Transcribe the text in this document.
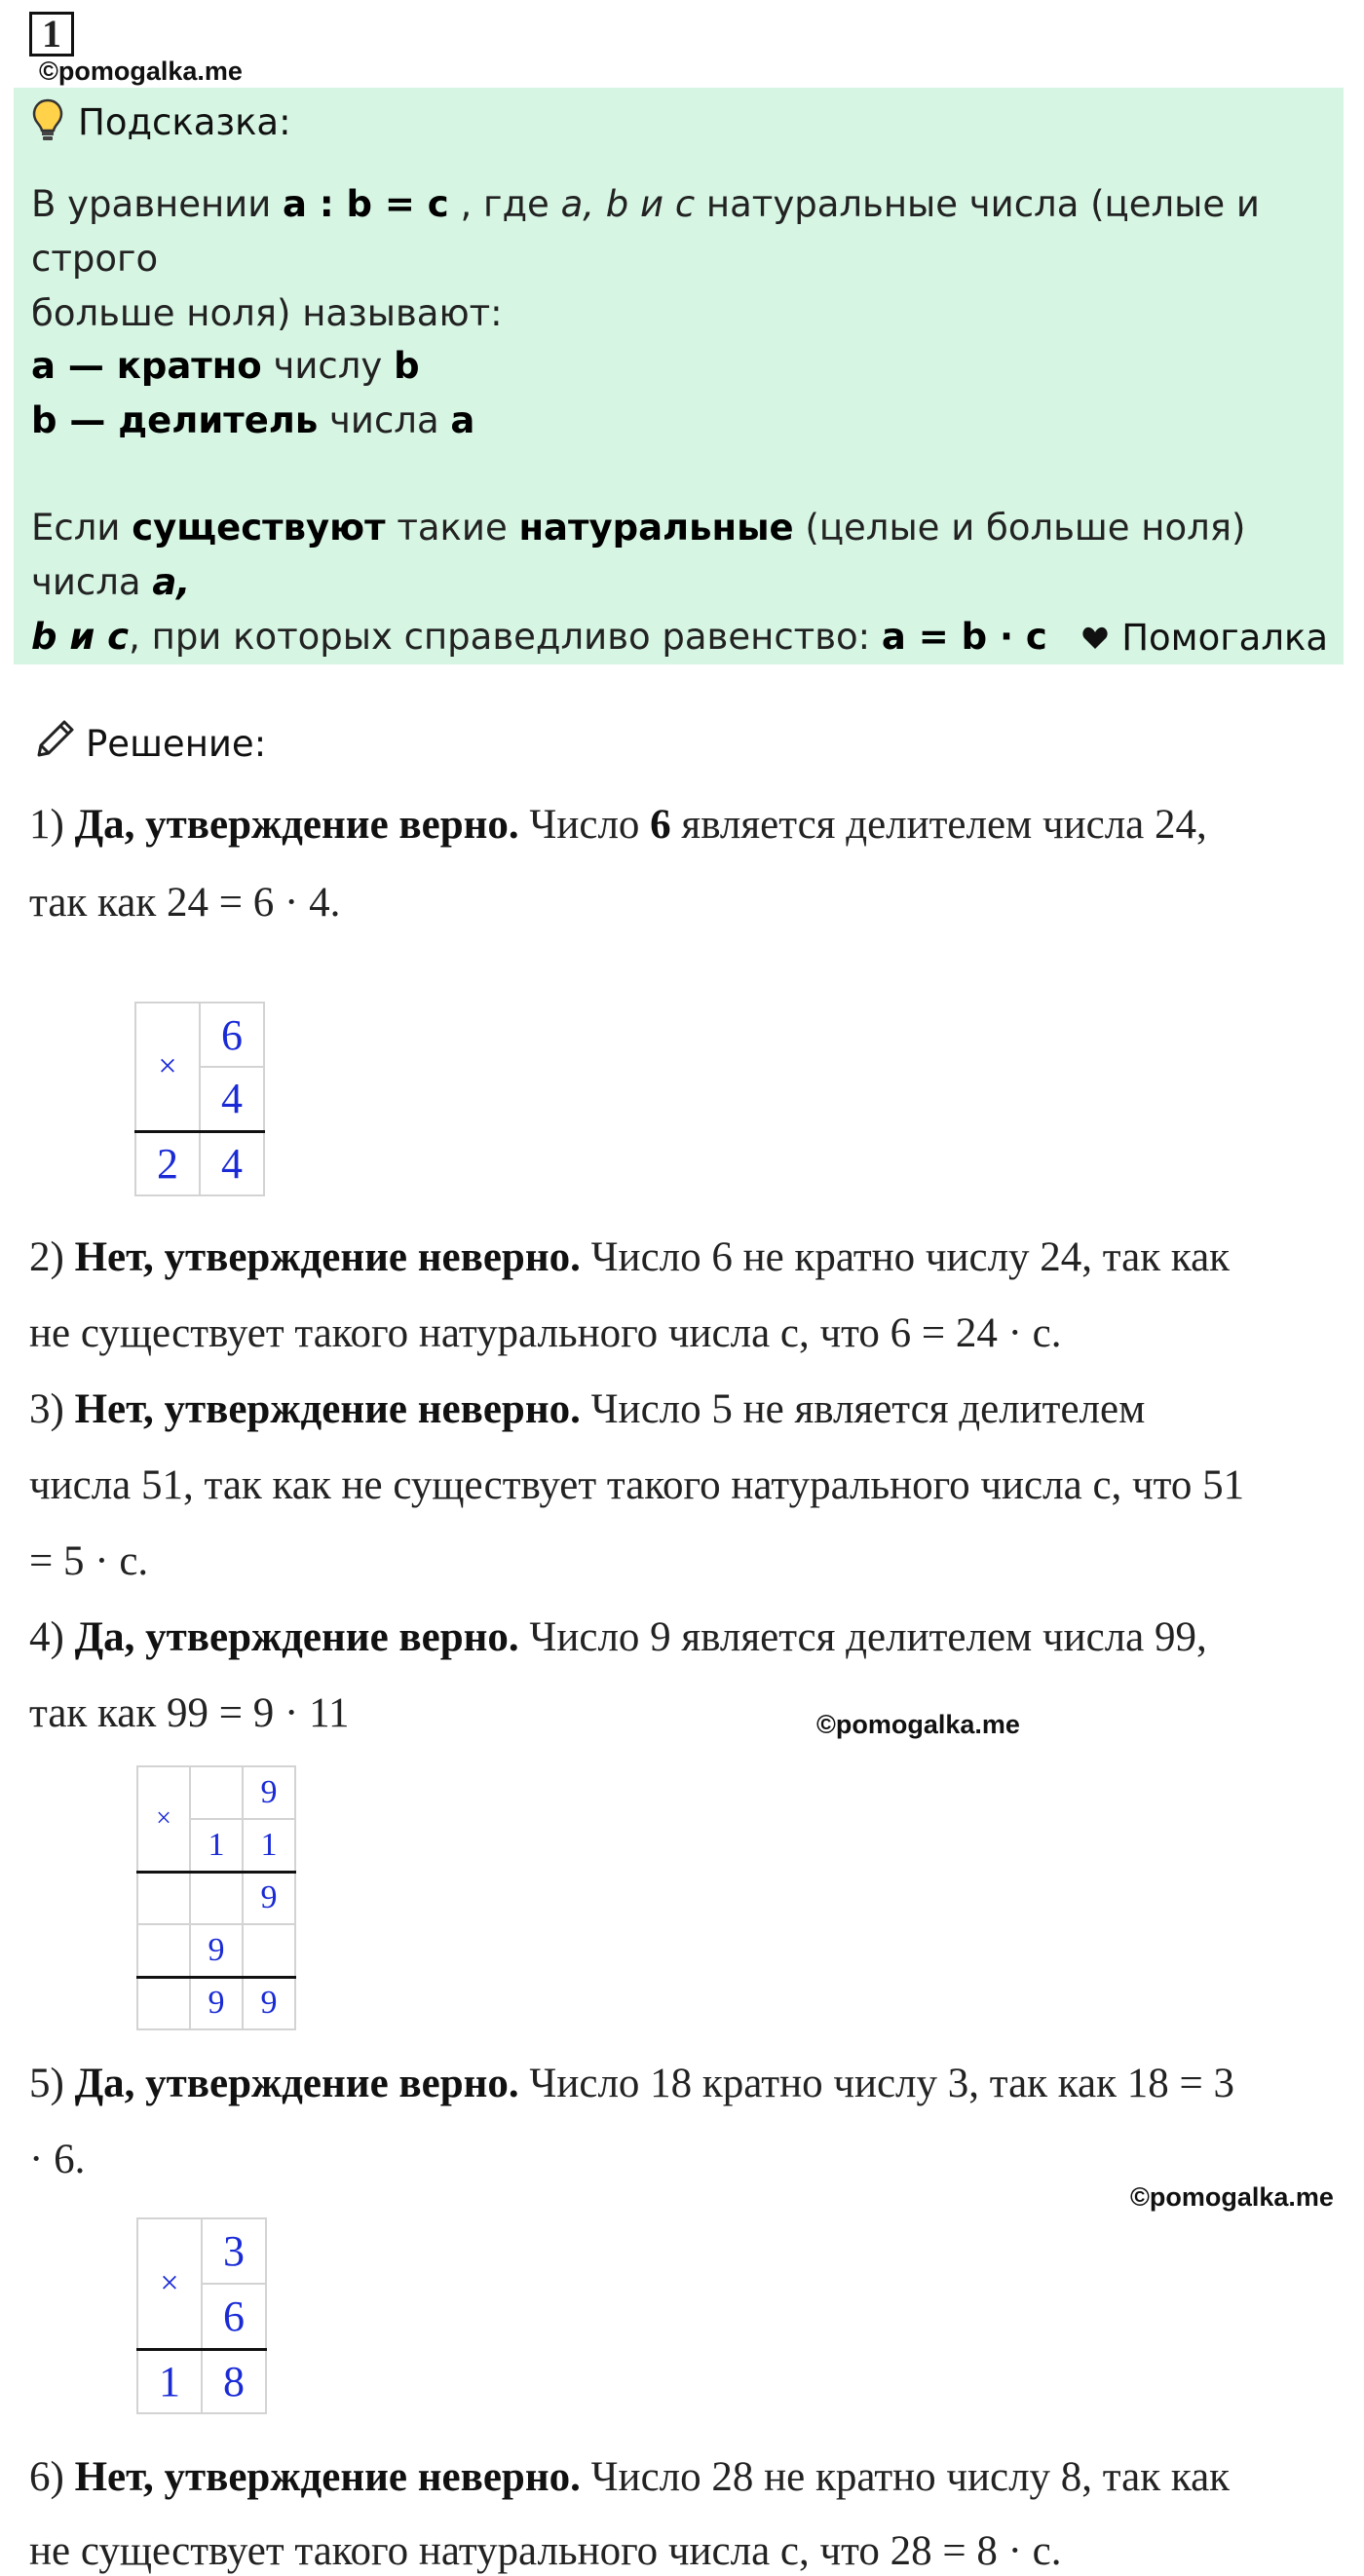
1
©pomogalka.me
Подсказка:

В уравнении a : b = c , где a, b и c натуральные числа (целые и строго
больше ноля) называют:

a — кратно числу b

b — делитель числа a

Если существуют такие натуральные (целые и больше ноля) числа a,
b и c, при которых справедливо равенство: a = b · c	Помогалка
Решение:
1) Да, утверждение верно. Число 6 является делителем числа 24,
так как 24 = 6 · 4.
×	6
	4
2	4
2) Нет, утверждение неверно. Число 6 не кратно числу 24, так как
не существует такого натурального числа с, что 6 = 24 · с.
3) Нет, утверждение неверно. Число 5 не является делителем
числа 51, так как не существует такого натурального числа с, что 51
= 5 · с.
4) Да, утверждение верно. Число 9 является делителем числа 99,
так как 99 = 9 · 11	©pomogalka.me
×		9
	1	1
		9
	9	
	9	9
5) Да, утверждение верно. Число 18 кратно числу 3, так как 18 = 3
· 6.
©pomogalka.me
×	3
	6
1	8
6) Нет, утверждение неверно. Число 28 не кратно числу 8, так как
не существует такого натурального числа с, что 28 = 8 · с.
